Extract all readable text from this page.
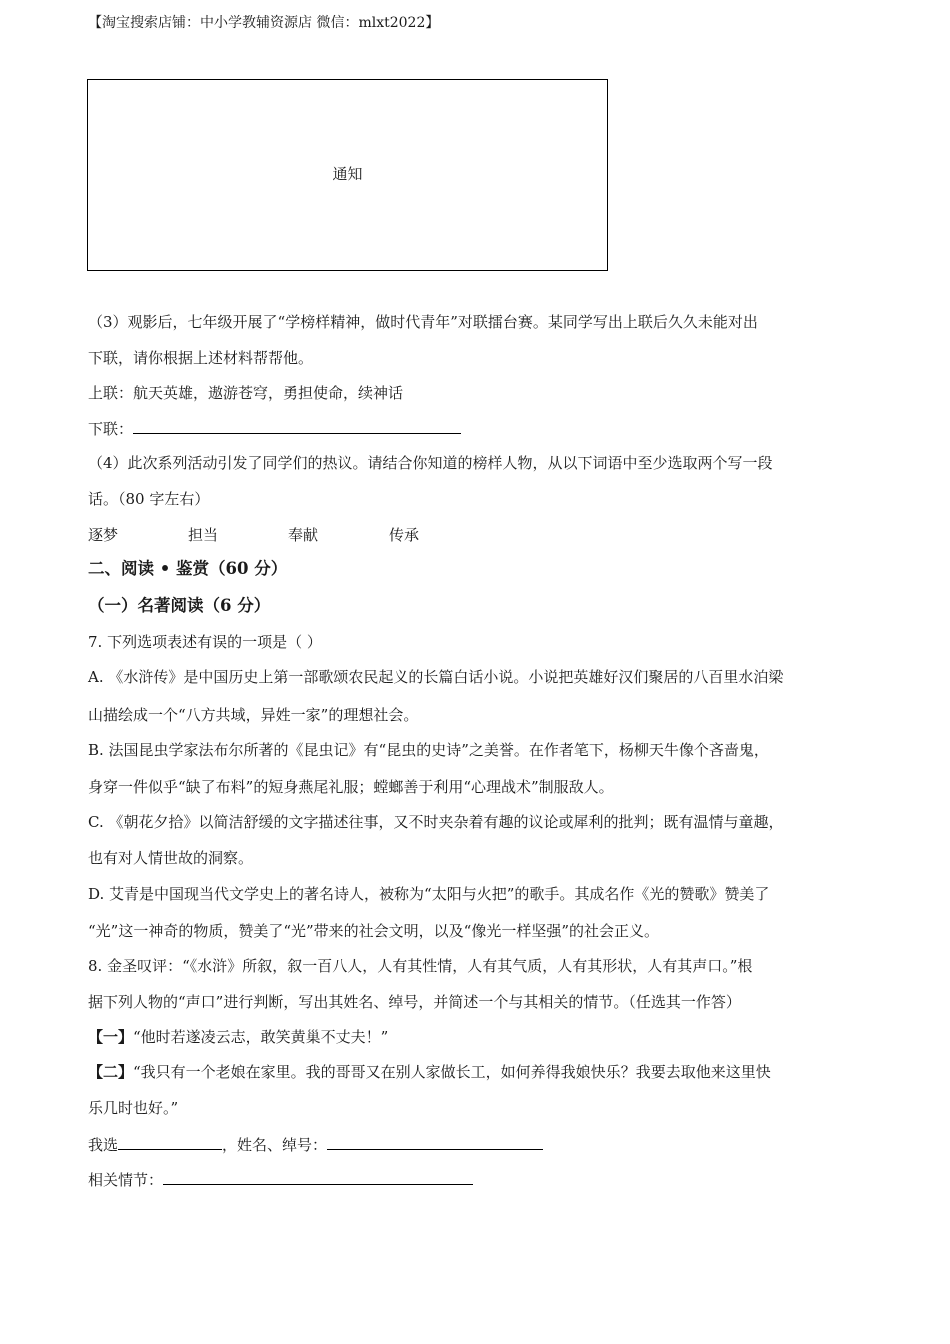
【淘宝搜索店铺：中小学教辅资源店 微信：mlxt2022】
通知
（3）观影后，七年级开展了“学榜样精神，做时代青年”对联擂台赛。某同学写出上联后久久未能对出
下联，请你根据上述材料帮帮他。
上联：航天英雄，遨游苍穹，勇担使命，续神话
下联：
（4）此次系列活动引发了同学们的热议。请结合你知道的榜样人物，从以下词语中至少选取两个写一段
话。（80 字左右）
逐梦	担当	奉献	传承
二、阅读 • 鉴赏（60 分）
（一）名著阅读（6 分）
7. 下列选项表述有误的一项是（ ）
A. 《水浒传》是中国历史上第一部歌颂农民起义的长篇白话小说。小说把英雄好汉们聚居的八百里水泊梁
山描绘成一个“八方共域，异姓一家”的理想社会。
B. 法国昆虫学家法布尔所著的《昆虫记》有“昆虫的史诗”之美誉。在作者笔下，杨柳天牛像个吝啬鬼，
身穿一件似乎“缺了布料”的短身燕尾礼服；螳螂善于利用“心理战术”制服敌人。
C. 《朝花夕拾》以简洁舒缓的文字描述往事，又不时夹杂着有趣的议论或犀利的批判；既有温情与童趣，
也有对人情世故的洞察。
D. 艾青是中国现当代文学史上的著名诗人，被称为“太阳与火把”的歌手。其成名作《光的赞歌》赞美了
“光”这一神奇的物质，赞美了“光”带来的社会文明，以及“像光一样坚强”的社会正义。
8. 金圣叹评：“《水浒》所叙，叙一百八人，人有其性情，人有其气质，人有其形状，人有其声口。”根
据下列人物的“声口”进行判断，写出其姓名、绰号，并简述一个与其相关的情节。（任选其一作答）
【一】“他时若遂凌云志，敢笑黄巢不丈夫！”
【二】“我只有一个老娘在家里。我的哥哥又在别人家做长工，如何养得我娘快乐？我要去取他来这里快
乐几时也好。”
我选	，姓名、绰号：
相关情节：
